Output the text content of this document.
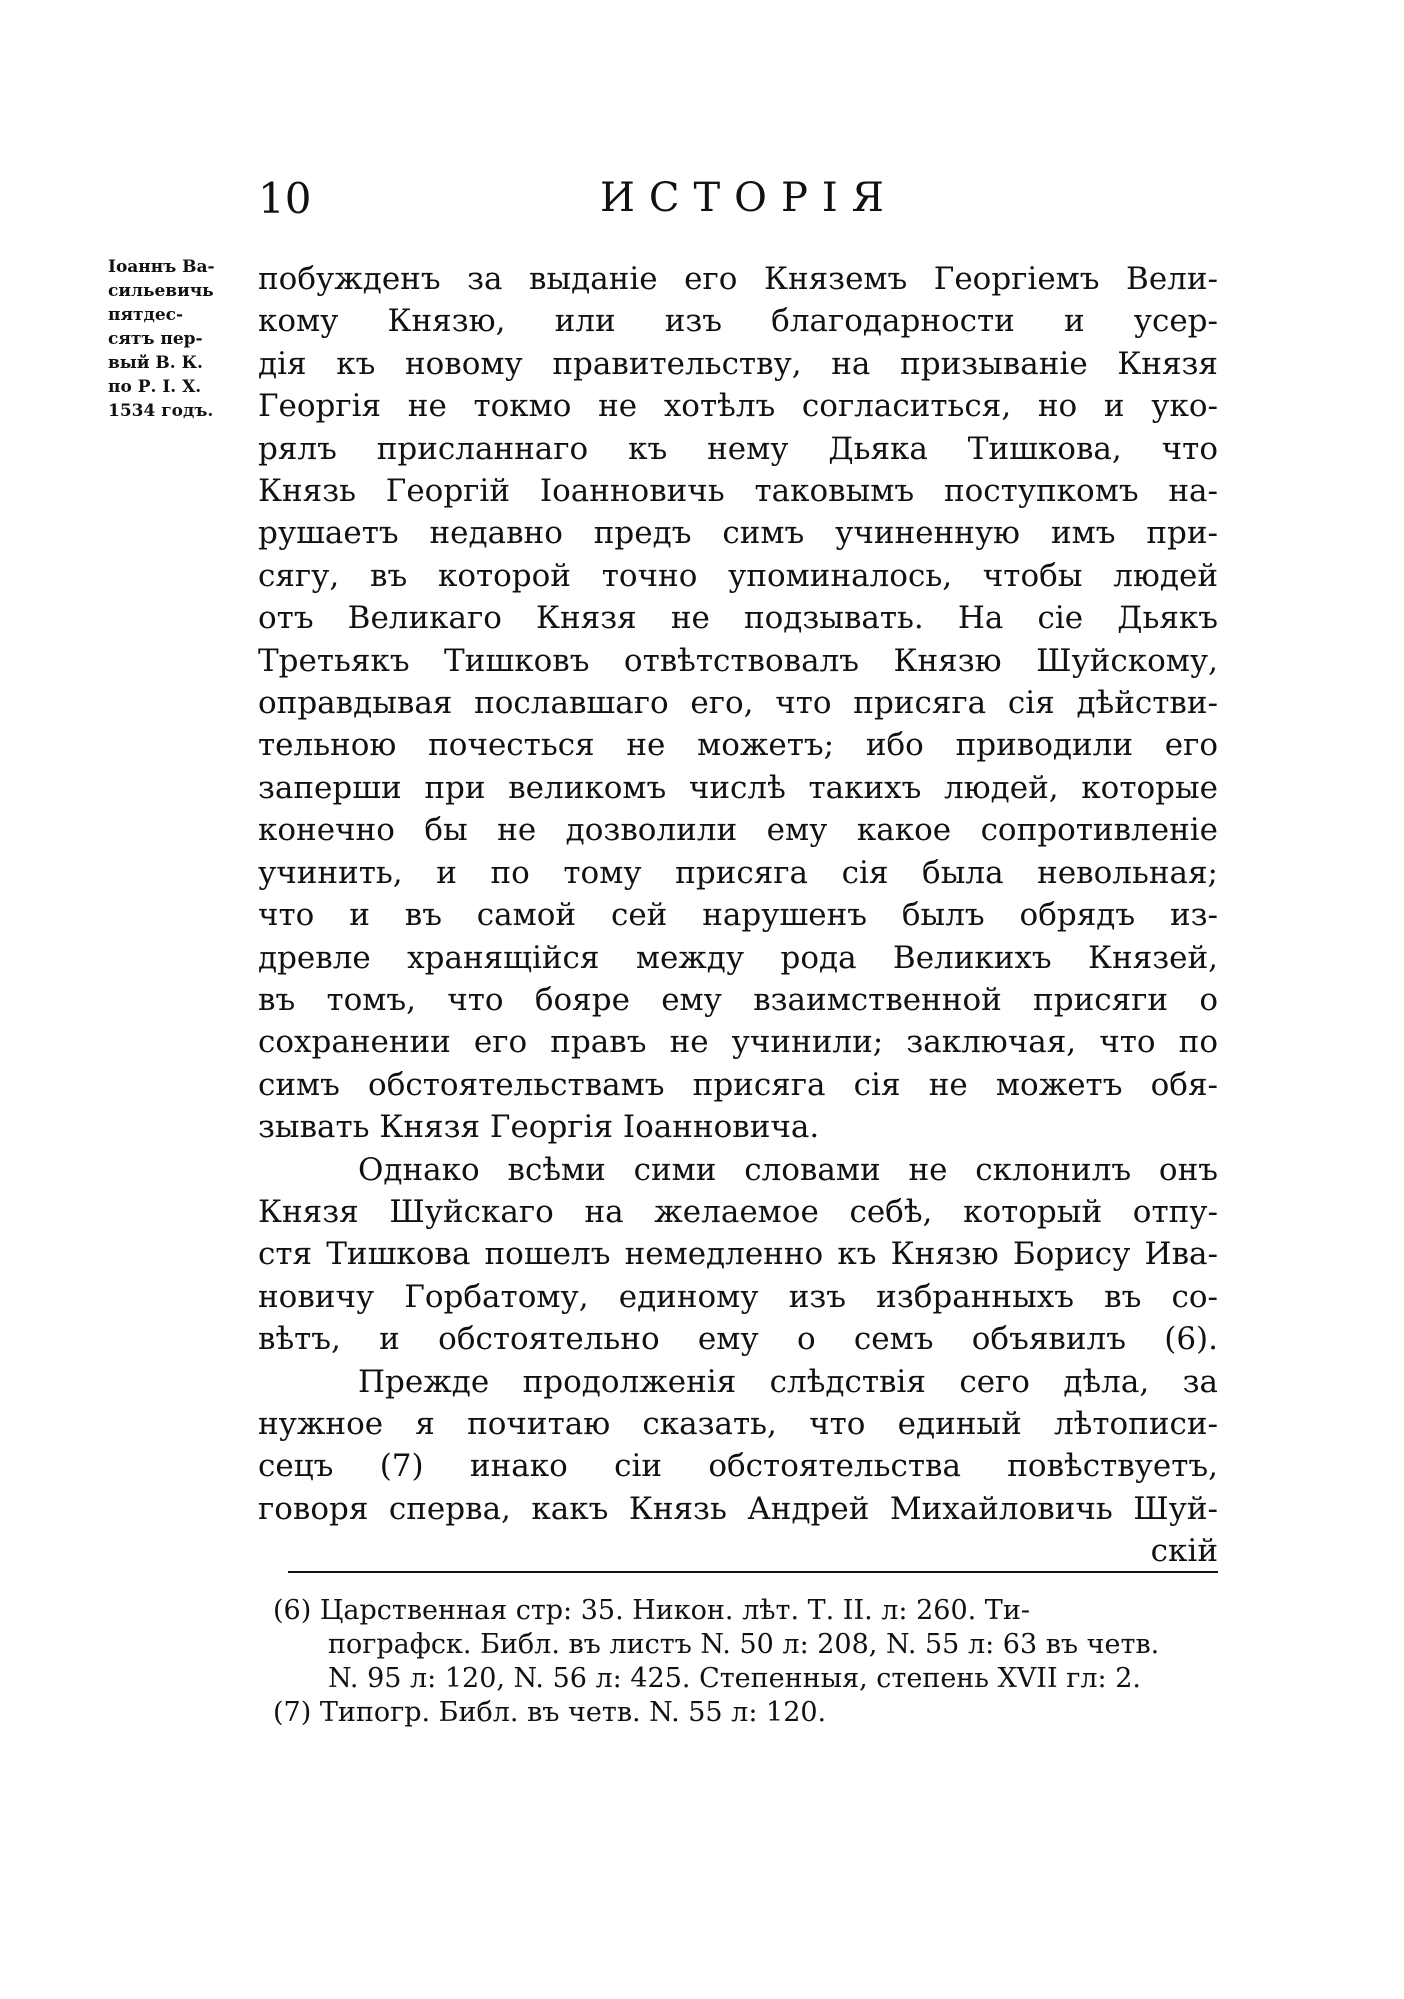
10	ИСТОРІЯ
Іоаннъ Ва-
сильевичь
пятдес-
сятъ пер-
вый В. К.
по Р. І. Х.
1534 годъ.
побужденъ за выданіе его Княземъ Георгіемъ Вели-
кому Князю, или изъ благодарности и усер-
дія къ новому правительству, на призываніе Князя
Георгія не токмо не хотѣлъ согласиться, но и уко-
рялъ присланнаго къ нему Дьяка Тишкова, что
Князь Георгій Іоанновичь таковымъ поступкомъ на-
рушаетъ недавно предъ симъ учиненную имъ при-
сягу, въ которой точно упоминалось, чтобы людей
отъ Великаго Князя не подзывать. На сіе Дьякъ
Третьякъ Тишковъ отвѣтствовалъ Князю Шуйскому,
оправдывая пославшаго его, что присяга сія дѣйстви-
тельною почесться не можетъ; ибо приводили его
заперши при великомъ числѣ такихъ людей, которые
конечно бы не дозволили ему какое сопротивленіе
учинить, и по тому присяга сія была невольная;
что и въ самой сей нарушенъ былъ обрядъ из-
древле хранящійся между рода Великихъ Князей,
въ томъ, что бояре ему взаимственной присяги о
сохранении его правъ не учинили; заключая, что по
симъ обстоятельствамъ присяга сія не можетъ обя-
зывать Князя Георгія Іоанновича.
Однако всѣми сими словами не склонилъ онъ
Князя Шуйскаго на желаемое себѣ, который отпу-
стя Тишкова пошелъ немедленно къ Князю Борису Ива-
новичу Горбатому, единому изъ избранныхъ въ со-
вѣтъ, и обстоятельно ему о семъ объявилъ (6).
Прежде продолженія слѣдствія сего дѣла, за
нужное я почитаю сказать, что единый лѣтописи-
сецъ (7) инако сіи обстоятельства повѣствуетъ,
говоря сперва, какъ Князь Андрей Михайловичь Шуй-
скій
(6) Царственная стр: 35. Никон. лѣт. Т. II. л: 260. Ти-
пографск. Библ. въ листъ N. 50 л: 208, N. 55 л: 63 въ четв.
N. 95 л: 120, N. 56 л: 425. Степенныя, степень XVII гл: 2.
(7) Типогр. Библ. въ четв. N. 55 л: 120.
